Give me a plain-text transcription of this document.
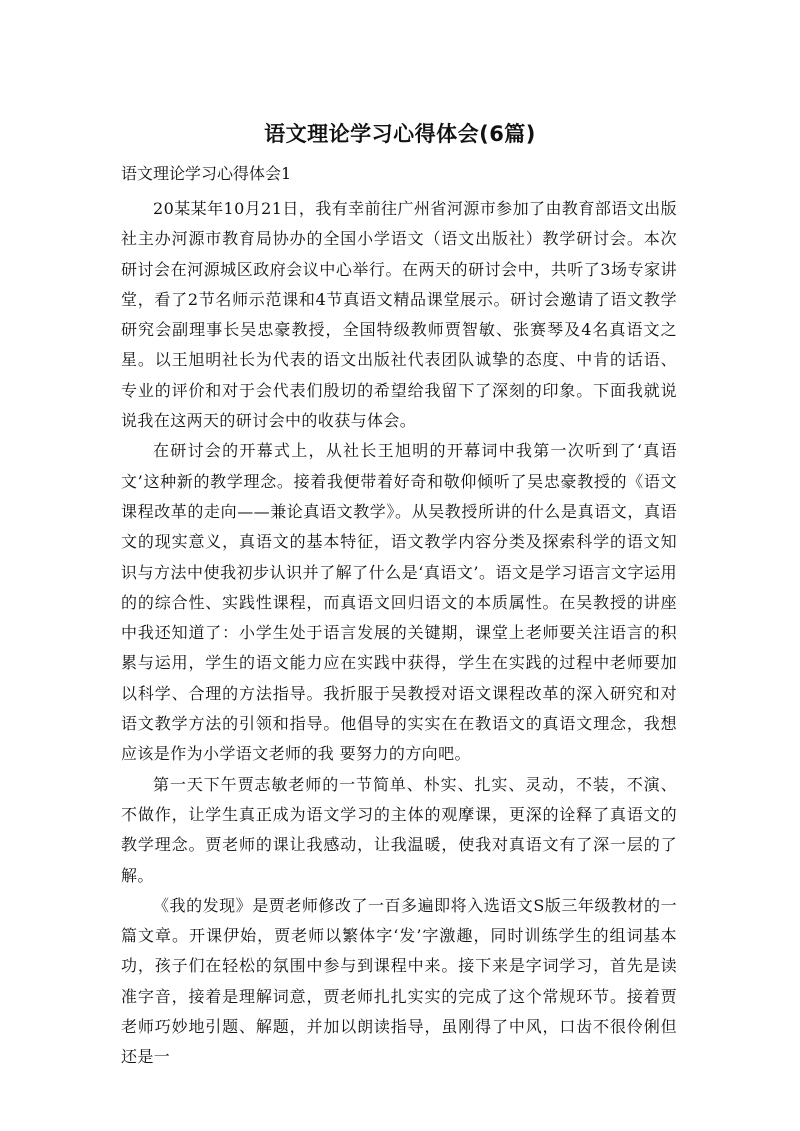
语文理论学习心得体会(6篇)

语文理论学习心得体会1

20某某年10月21日，我有幸前往广州省河源市参加了由教育部语文出版社主办河源市教育局协办的全国小学语文（语文出版社）教学研讨会。本次研讨会在河源城区政府会议中心举行。在两天的研讨会中，共听了3场专家讲堂，看了2节名师示范课和4节真语文精品课堂展示。研讨会邀请了语文教学研究会副理事长吴忠豪教授，全国特级教师贾智敏、张赛琴及4名真语文之星。以王旭明社长为代表的语文出版社代表团队诚挚的态度、中肯的话语、专业的评价和对于会代表们殷切的希望给我留下了深刻的印象。下面我就说说我在这两天的研讨会中的收获与体会。

在研讨会的开幕式上，从社长王旭明的开幕词中我第一次听到了‘真语文’这种新的教学理念。接着我便带着好奇和敬仰倾听了吴忠豪教授的《语文课程改革的走向——兼论真语文教学》。从吴教授所讲的什么是真语文，真语文的现实意义，真语文的基本特征，语文教学内容分类及探索科学的语文知识与方法中使我初步认识并了解了什么是‘真语文’。语文是学习语言文字运用的的综合性、实践性课程，而真语文回归语文的本质属性。在吴教授的讲座中我还知道了：小学生处于语言发展的关键期，课堂上老师要关注语言的积累与运用，学生的语文能力应在实践中获得，学生在实践的过程中老师要加以科学、合理的方法指导。我折服于吴教授对语文课程改革的深入研究和对语文教学方法的引领和指导。他倡导的实实在在教语文的真语文理念，我想应该是作为小学语文老师的我 要努力的方向吧。

第一天下午贾志敏老师的一节简单、朴实、扎实、灵动，不装，不演、不做作，让学生真正成为语文学习的主体的观摩课，更深的诠释了真语文的教学理念。贾老师的课让我感动，让我温暖，使我对真语文有了深一层的了解。

《我的发现》是贾老师修改了一百多遍即将入选语文S版三年级教材的一篇文章。开课伊始，贾老师以繁体字‘发’字激趣，同时训练学生的组词基本功，孩子们在轻松的氛围中参与到课程中来。接下来是字词学习，首先是读准字音，接着是理解词意，贾老师扎扎实实的完成了这个常规环节。接着贾老师巧妙地引题、解题，并加以朗读指导，虽刚得了中风，口齿不很伶俐但还是一
